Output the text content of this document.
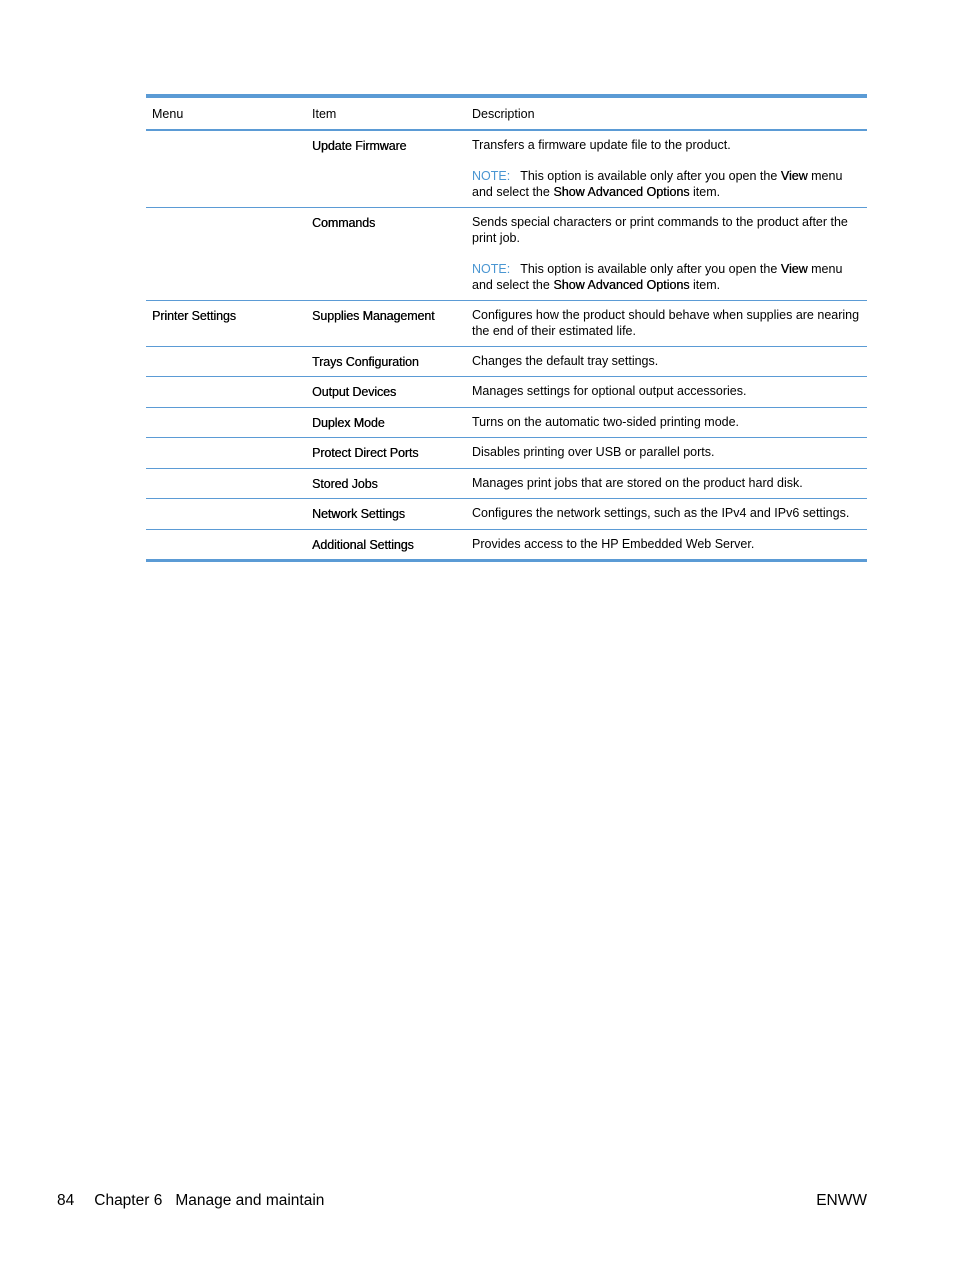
Menu	Item	Description
	Update Firmware	Transfers a firmware update file to the product.

NOTE: This option is available only after you open the View menu and select the Show Advanced Options item.

	Commands	Sends special characters or print commands to the product after the print job.

NOTE: This option is available only after you open the View menu and select the Show Advanced Options item.

Printer Settings	Supplies Management	Configures how the product should behave when supplies are nearing the end of their estimated life.

	Trays Configuration	Changes the default tray settings.

	Output Devices	Manages settings for optional output accessories.

	Duplex Mode	Turns on the automatic two-sided printing mode.

	Protect Direct Ports	Disables printing over USB or parallel ports.

	Stored Jobs	Manages print jobs that are stored on the product hard disk.

	Network Settings	Configures the network settings, such as the IPv4 and IPv6 settings.

	Additional Settings	Provides access to the HP Embedded Web Server.

84 Chapter 6 Manage and maintain	ENWW
